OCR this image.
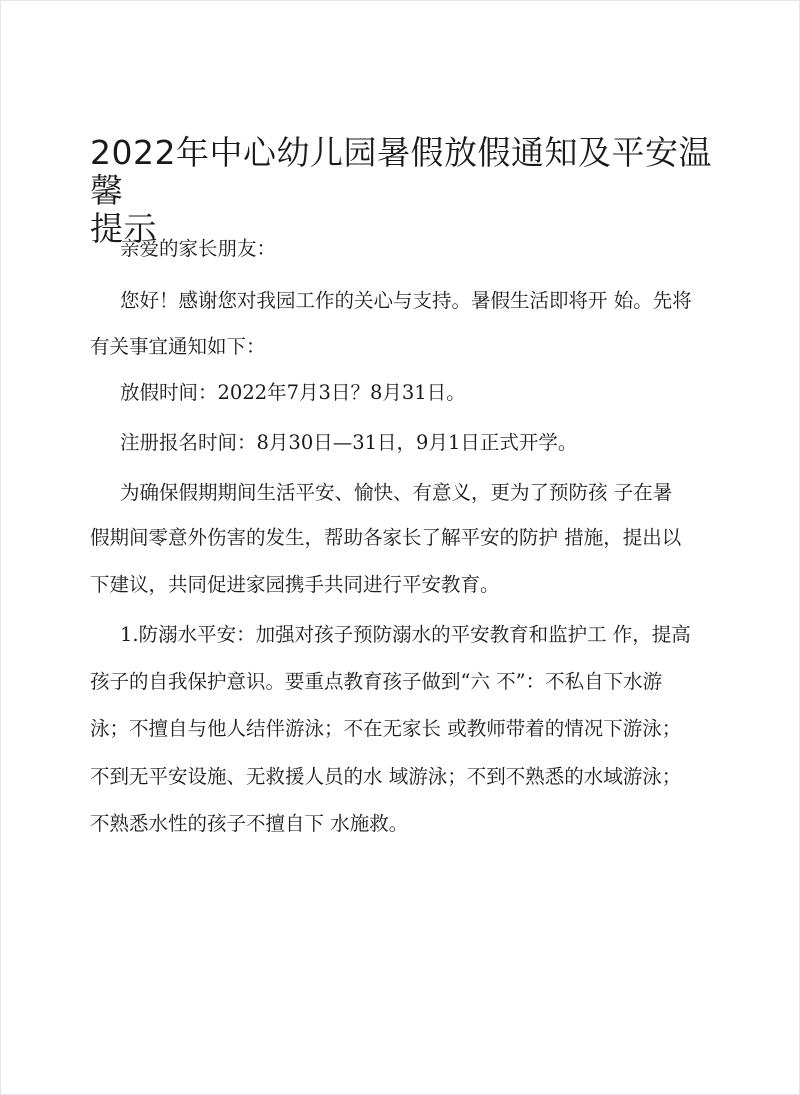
2022年中心幼儿园暑假放假通知及平安温馨
提示

亲爱的家长朋友：

您好！感谢您对我园工作的关心与支持。暑假生活即将开 始。先将

有关事宜通知如下：

放假时间：2022年7月3日？8月31日。

注册报名时间：8月30日—31日，9月1日正式开学。

为确保假期期间生活平安、愉快、有意义，更为了预防孩 子在暑

假期间零意外伤害的发生，帮助各家长了解平安的防护 措施，提出以

下建议，共同促进家园携手共同进行平安教育。

1.防溺水平安：加强对孩子预防溺水的平安教育和监护工 作，提高

孩子的自我保护意识。要重点教育孩子做到“六 不”：不私自下水游

泳；不擅自与他人结伴游泳；不在无家长 或教师带着的情况下游泳；

不到无平安设施、无救援人员的水 域游泳；不到不熟悉的水域游泳；

不熟悉水性的孩子不擅自下 水施救。
